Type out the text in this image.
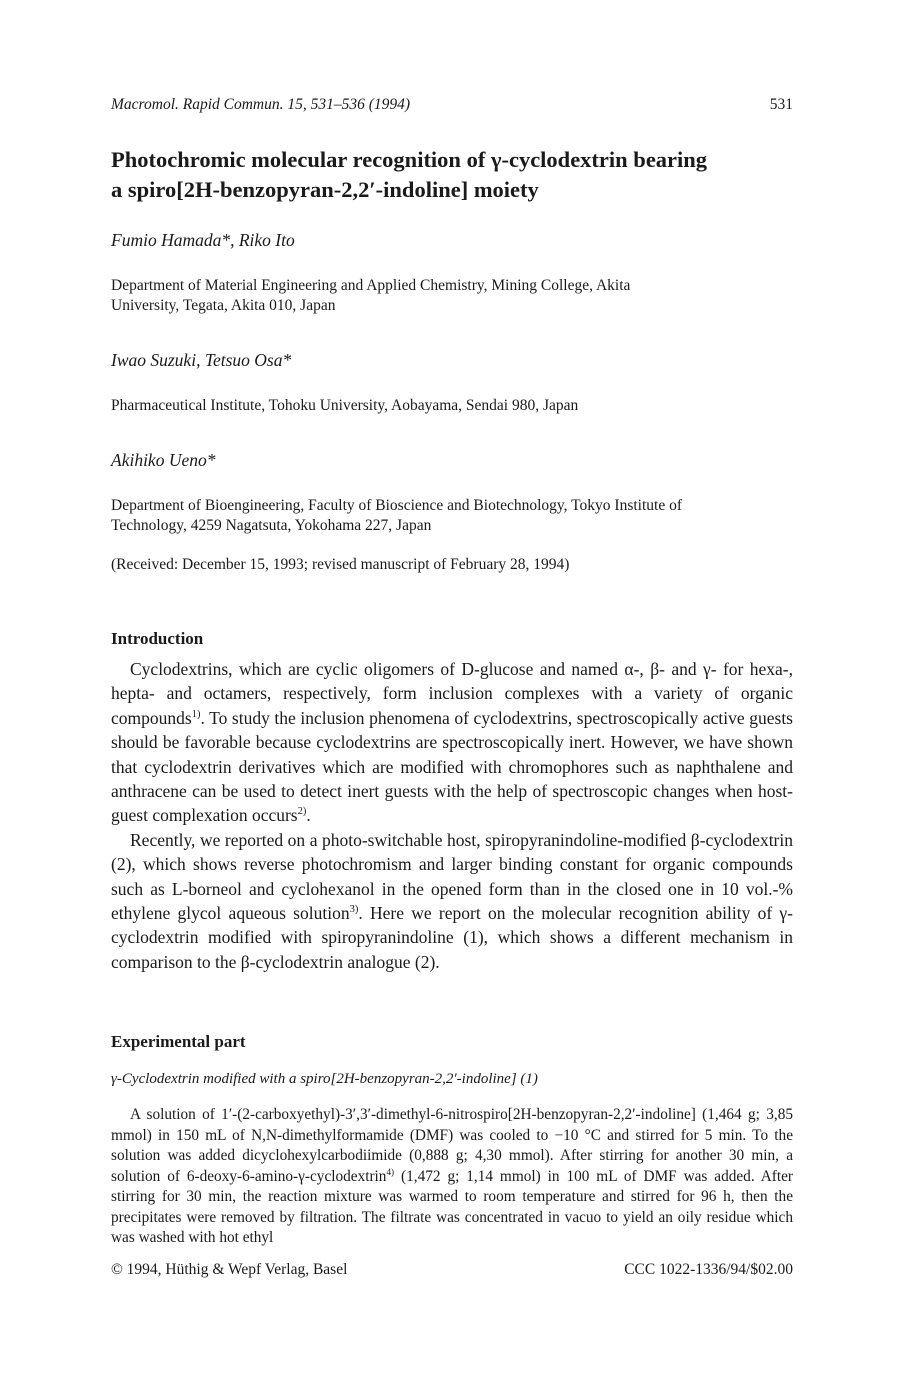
Macromol. Rapid Commun. 15, 531–536 (1994)	531
Photochromic molecular recognition of γ-cyclodextrin bearing
a spiro[2H-benzopyran-2,2′-indoline] moiety
Fumio Hamada*, Riko Ito
Department of Material Engineering and Applied Chemistry, Mining College, Akita
University, Tegata, Akita 010, Japan
Iwao Suzuki, Tetsuo Osa*
Pharmaceutical Institute, Tohoku University, Aobayama, Sendai 980, Japan
Akihiko Ueno*
Department of Bioengineering, Faculty of Bioscience and Biotechnology, Tokyo Institute of
Technology, 4259 Nagatsuta, Yokohama 227, Japan
(Received: December 15, 1993; revised manuscript of February 28, 1994)
Introduction

Cyclodextrins, which are cyclic oligomers of D-glucose and named α-, β- and γ- for hexa-, hepta- and octamers, respectively, form inclusion complexes with a variety of organic compounds$^{1)}$. To study the inclusion phenomena of cyclodextrins, spectroscopically active guests should be favorable because cyclodextrins are spectroscopically inert. However, we have shown that cyclodextrin derivatives which are modified with chromophores such as naphthalene and anthracene can be used to detect inert guests with the help of spectroscopic changes when host-guest complexation occurs$^{2)}$.

Recently, we reported on a photo-switchable host, spiropyranindoline-modified β-cyclodextrin (2), which shows reverse photochromism and larger binding constant for organic compounds such as L-borneol and cyclohexanol in the opened form than in the closed one in 10 vol.-% ethylene glycol aqueous solution$^{3)}$. Here we report on the molecular recognition ability of γ-cyclodextrin modified with spiropyranindoline (1), which shows a different mechanism in comparison to the β-cyclodextrin analogue (2).

Experimental part
γ-Cyclodextrin modified with a spiro[2H-benzopyran-2,2′-indoline] (1)

A solution of 1′-(2-carboxyethyl)-3′,3′-dimethyl-6-nitrospiro[2H-benzopyran-2,2′-indoline] (1,464 g; 3,85 mmol) in 150 mL of N,N-dimethylformamide (DMF) was cooled to −10 °C and stirred for 5 min. To the solution was added dicyclohexylcarbodiimide (0,888 g; 4,30 mmol). After stirring for another 30 min, a solution of 6-deoxy-6-amino-γ-cyclodextrin$^{4)}$ (1,472 g; 1,14 mmol) in 100 mL of DMF was added. After stirring for 30 min, the reaction mixture was warmed to room temperature and stirred for 96 h, then the precipitates were removed by filtration. The filtrate was concentrated in vacuo to yield an oily residue which was washed with hot ethyl

© 1994, Hüthig & Wepf Verlag, Basel	CCC 1022-1336/94/$02.00
